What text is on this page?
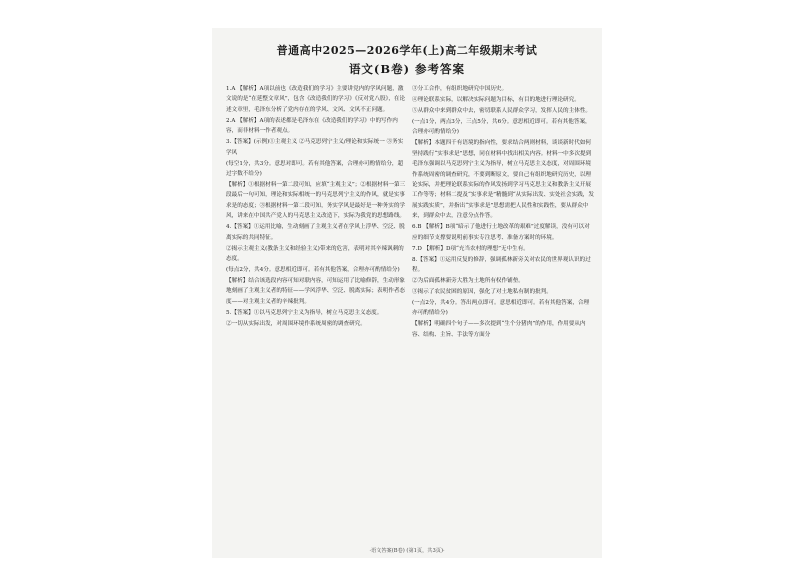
普通高中2025—2026学年(上)高二年级期末考试
语文(B卷) 参考答案

1.A 【解析】A项以前也《改造我们的学习》主要讲党内的学风问题，激文说的是“在延整文章风”，包含《改造我们的学习》《反对党八股》，在论述文章里，毛泽东分析了党内存在的学风、文风、文风不正问题。

2.A 【解析】A项的表述都是毛泽东在《改造我们的学习》中的写作内容，而非材料一作者观点。

3.【答案】(示例)①主观主义 ②马克思列宁主义/理论和实际统一 ③务实学风

(每空1分，共3分。意思对即可。若有其他答案，合理亦可酌情给分，超过字数不给分)

【解析】①根据材料一第二段可知，应填“主观主义”；②根据材料一第三段最后一句可知，理论和实际相统一的马克思列宁主义的作风，就是实事求是的态度；③根据材料一第二段可知，务实学风是最好是一种务实的学风，讲来在中国共产党人的马克思主义改造下，实际为我党的思想路线。

4.【答案】①运用比喻，生动刻画了主观主义者在学风上浮华、空泛、脱离实际的共同特征。

②揭示主观主义(教条主义和经验主义)带来的危害，表明对其辛辣讽刺的态度。

(每点2分，共4分。意思相近即可。若有其他答案，合理亦可酌情给分)

【解析】结合该选段内容可知对联内容，可知运用了比喻修辞，生动形象地刻画了主观主义者的特征——学风浮华、空泛、脱离实际；表明作者态度——对主观主义者的辛辣批判。

5.【答案】①以马克思列宁主义为指导，树立马克思主义态度。

②一切从实际出发，对周围环境作系统周密的调查研究。

③分工合作，有组织地研究中国历史。

④理论联系实际，以解决实际问题为目标，有目的地进行理论研究。

⑤从群众中来到群众中去，密切联系人民群众学习，发挥人民的主体性。

(一点1分，两点3分，三点5分，共6分。意思相近即可。若有其他答案，合理亦可酌情给分)

【解析】本题四千有语境的指向性，要求结合两则材料，谈谈新时代如何坚持践行“实事求是”思想，同在材料中找出相关内容。材料一中多次提到毛泽东强调以马克思列宁主义为指导，树立马克思主义态度，对周围环境作系统周密的调查研究，不要到断原文，要自己有组织地研究历史，以理论实际，并把理论联系实际的作风发扬到学习马克思主义和教条主义开展工作等等；材料二提及“实事求是”精髓到“从实际出发、实处社会实践，发展实践实质”，并指出“实事求是”思想需把人民性和实践性，要从群众中来，到群众中去，注意分点作答。

6.B 【解析】B项“暗示了他进行土地改革的艰难”过度解读，没有可以对应的细节支撑要说明前事实专注思考、准备方案时的环境。

7.D 【解析】D项“充当农村的理想”无中生有。

8.【答案】①运用反复的修辞，强调孤林新旁关对农民的世界观认识的过程。

②为后面孤林新旁大胜为土地所有权作铺垫。

③揭示了农民贫困的原因，强化了对土地私有制的批判。

(一点2分，共4分。答出两点即可。意思相近即可。若有其他答案，合理亦可酌情给分)

【解析】明确四个句子——多次提到“生个分猪肉”的作用，作用要从内容、结构、主旨、手法等方面分

·语文答案(B卷) (第1页，共3页)·
